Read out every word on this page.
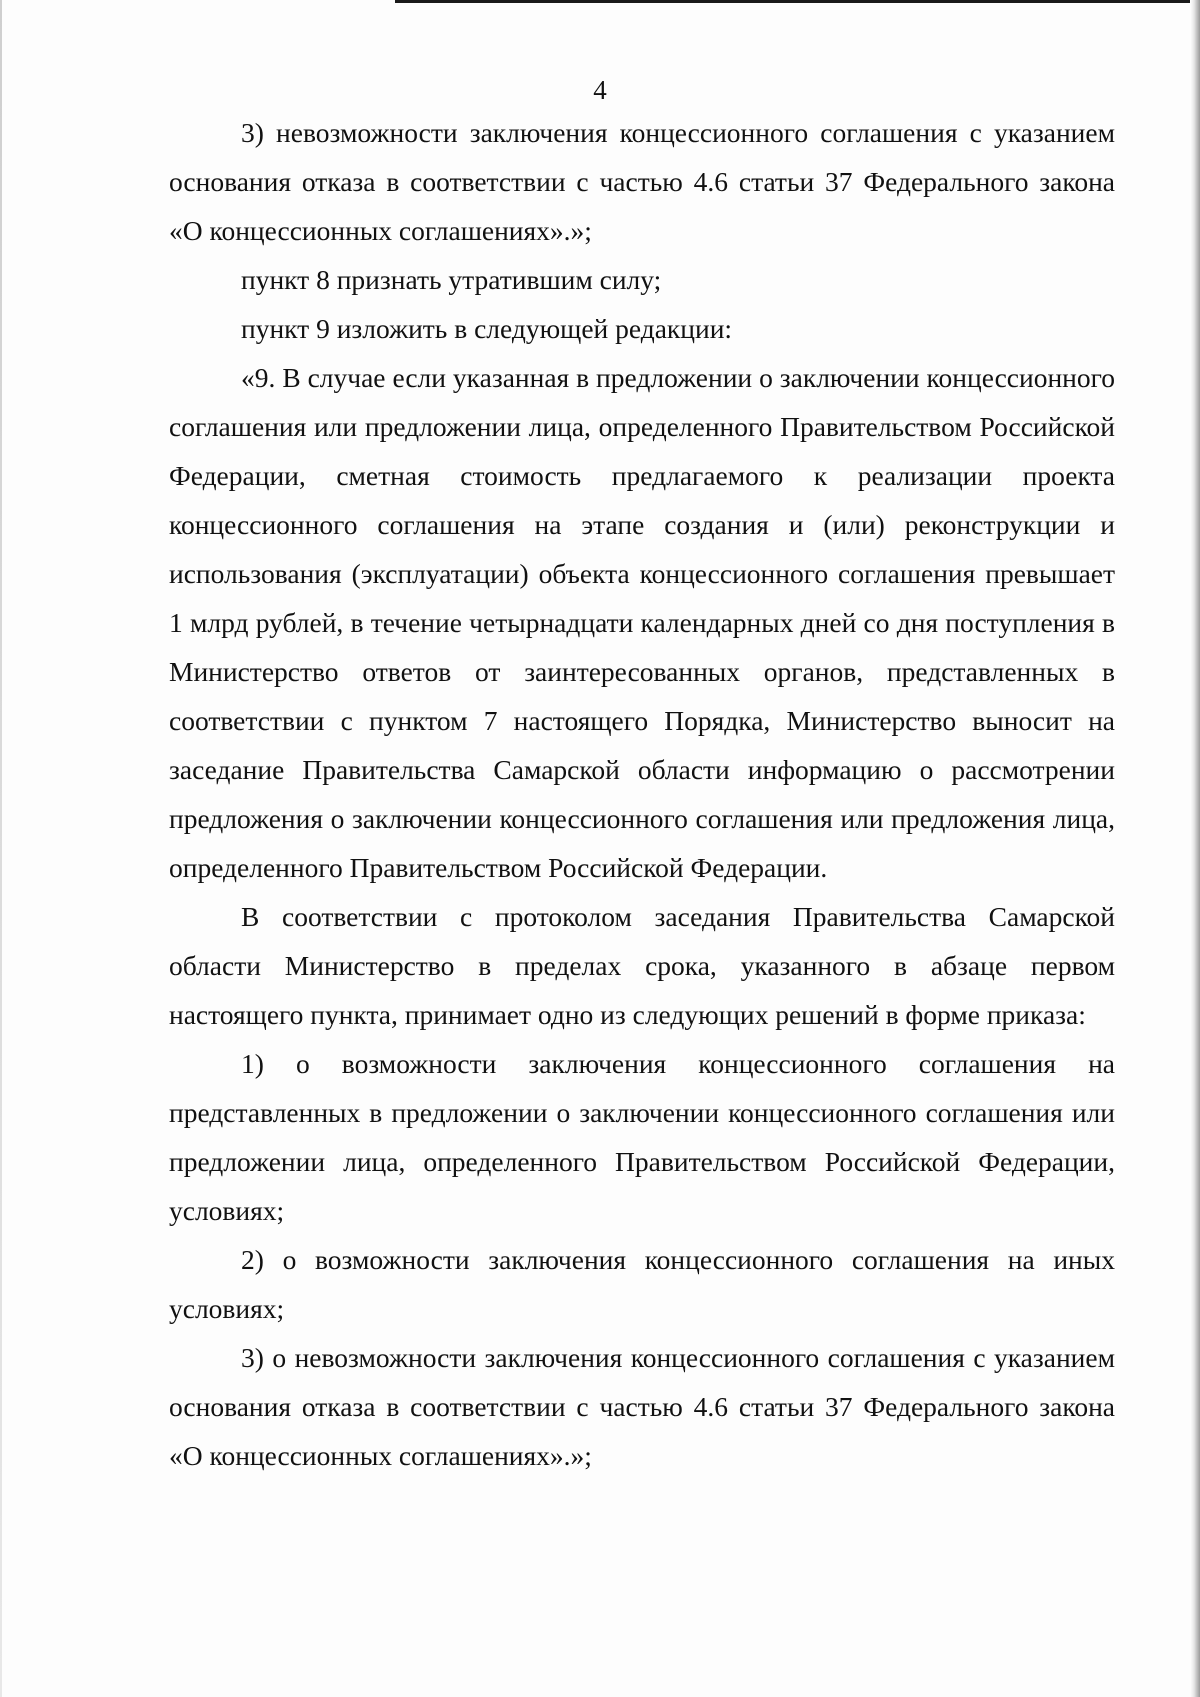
4

3) невозможности заключения концессионного соглашения с указанием основания отказа в соответствии с частью 4.6 статьи 37 Федерального закона «О концессионных соглашениях».»;

пункт 8 признать утратившим силу;

пункт 9 изложить в следующей редакции:

«9. В случае если указанная в предложении о заключении концессионного соглашения или предложении лица, определенного Правительством Российской Федерации, сметная стоимость предлагаемого к реализации проекта концессионного соглашения на этапе создания и (или) реконструкции и использования (эксплуатации) объекта концессионного соглашения превышает 1 млрд рублей, в течение четырнадцати календарных дней со дня поступления в Министерство ответов от заинтересованных органов, представленных в соответствии с пунктом 7 настоящего Порядка, Министерство выносит на заседание Правительства Самарской области информацию о рассмотрении предложения о заключении концессионного соглашения или предложения лица, определенного Правительством Российской Федерации.

В соответствии с протоколом заседания Правительства Самарской области Министерство в пределах срока, указанного в абзаце первом настоящего пункта, принимает одно из следующих решений в форме приказа:

1) о возможности заключения концессионного соглашения на представленных в предложении о заключении концессионного соглашения или предложении лица, определенного Правительством Российской Федерации, условиях;

2) о возможности заключения концессионного соглашения на иных условиях;

3) о невозможности заключения концессионного соглашения с указанием основания отказа в соответствии с частью 4.6 статьи 37 Федерального закона «О концессионных соглашениях».»;
